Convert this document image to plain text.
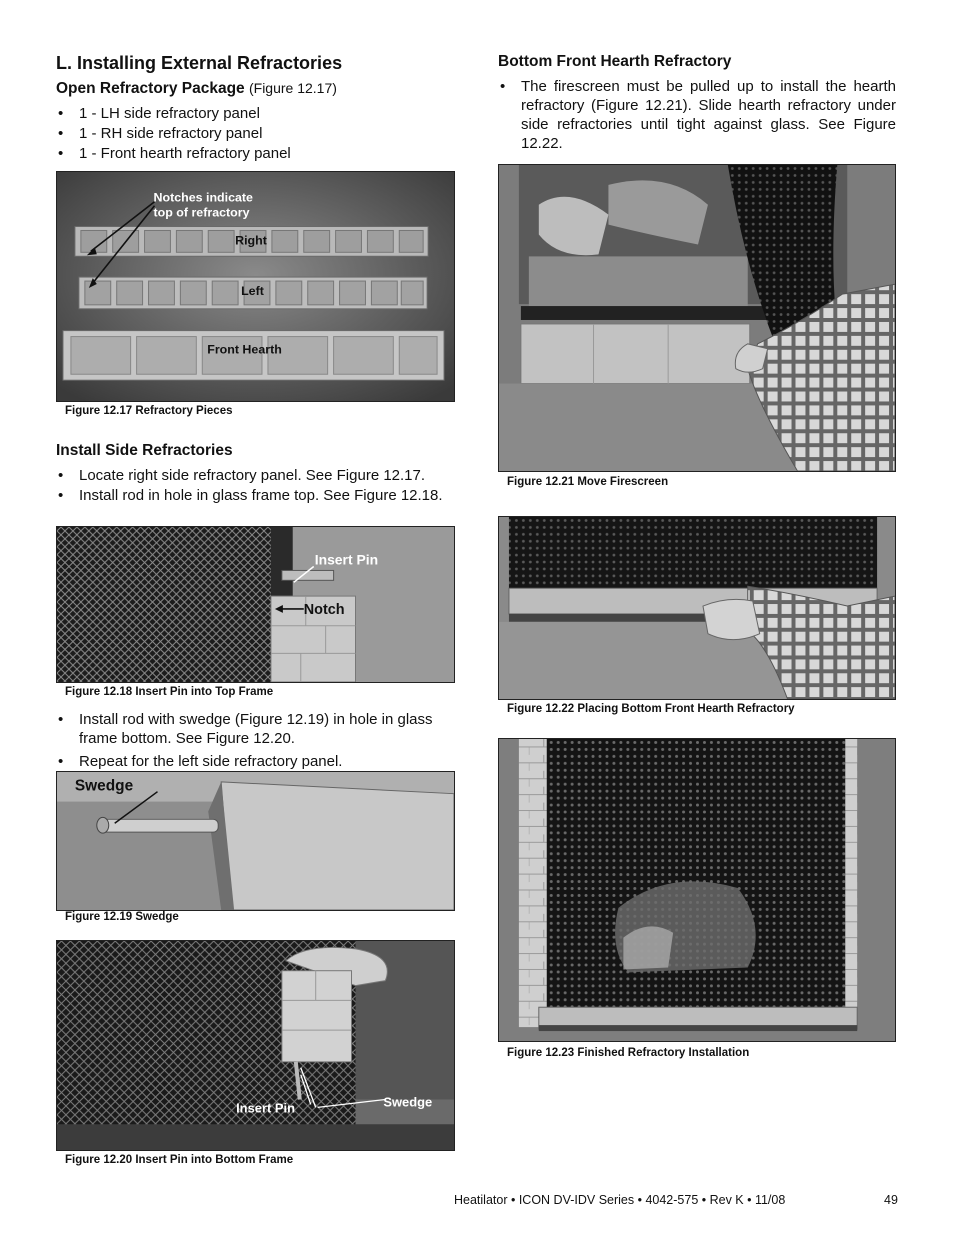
L. Installing External Refractories
Open Refractory Package (Figure 12.17)
• 1 - LH side refractory panel
• 1 - RH side refractory panel
• 1 - Front hearth refractory panel
Notches indicate
top of refractory
Right
Left
Front Hearth
Figure 12.17 Refractory Pieces
Install Side Refractories
• Locate right side refractory panel. See Figure 12.17.
• Install rod in hole in glass frame top. See Figure 12.18.
Insert Pin
Notch
Figure 12.18 Insert Pin into Top Frame
• Install rod with swedge (Figure 12.19) in hole in glass frame bottom. See Figure 12.20.
• Repeat for the left side refractory panel.
Swedge
Figure 12.19 Swedge
Insert Pin	Swedge
Figure 12.20 Insert Pin into Bottom Frame
Bottom Front Hearth Refractory
• The firescreen must be pulled up to install the hearth refractory (Figure 12.21). Slide hearth refractory under side refractories until tight against glass. See Figure 12.22.
Figure 12.21 Move Firescreen
Figure 12.22 Placing Bottom Front Hearth Refractory
Figure 12.23 Finished Refractory Installation
Heatilator • ICON DV-IDV Series • 4042-575 • Rev K • 11/08	49
